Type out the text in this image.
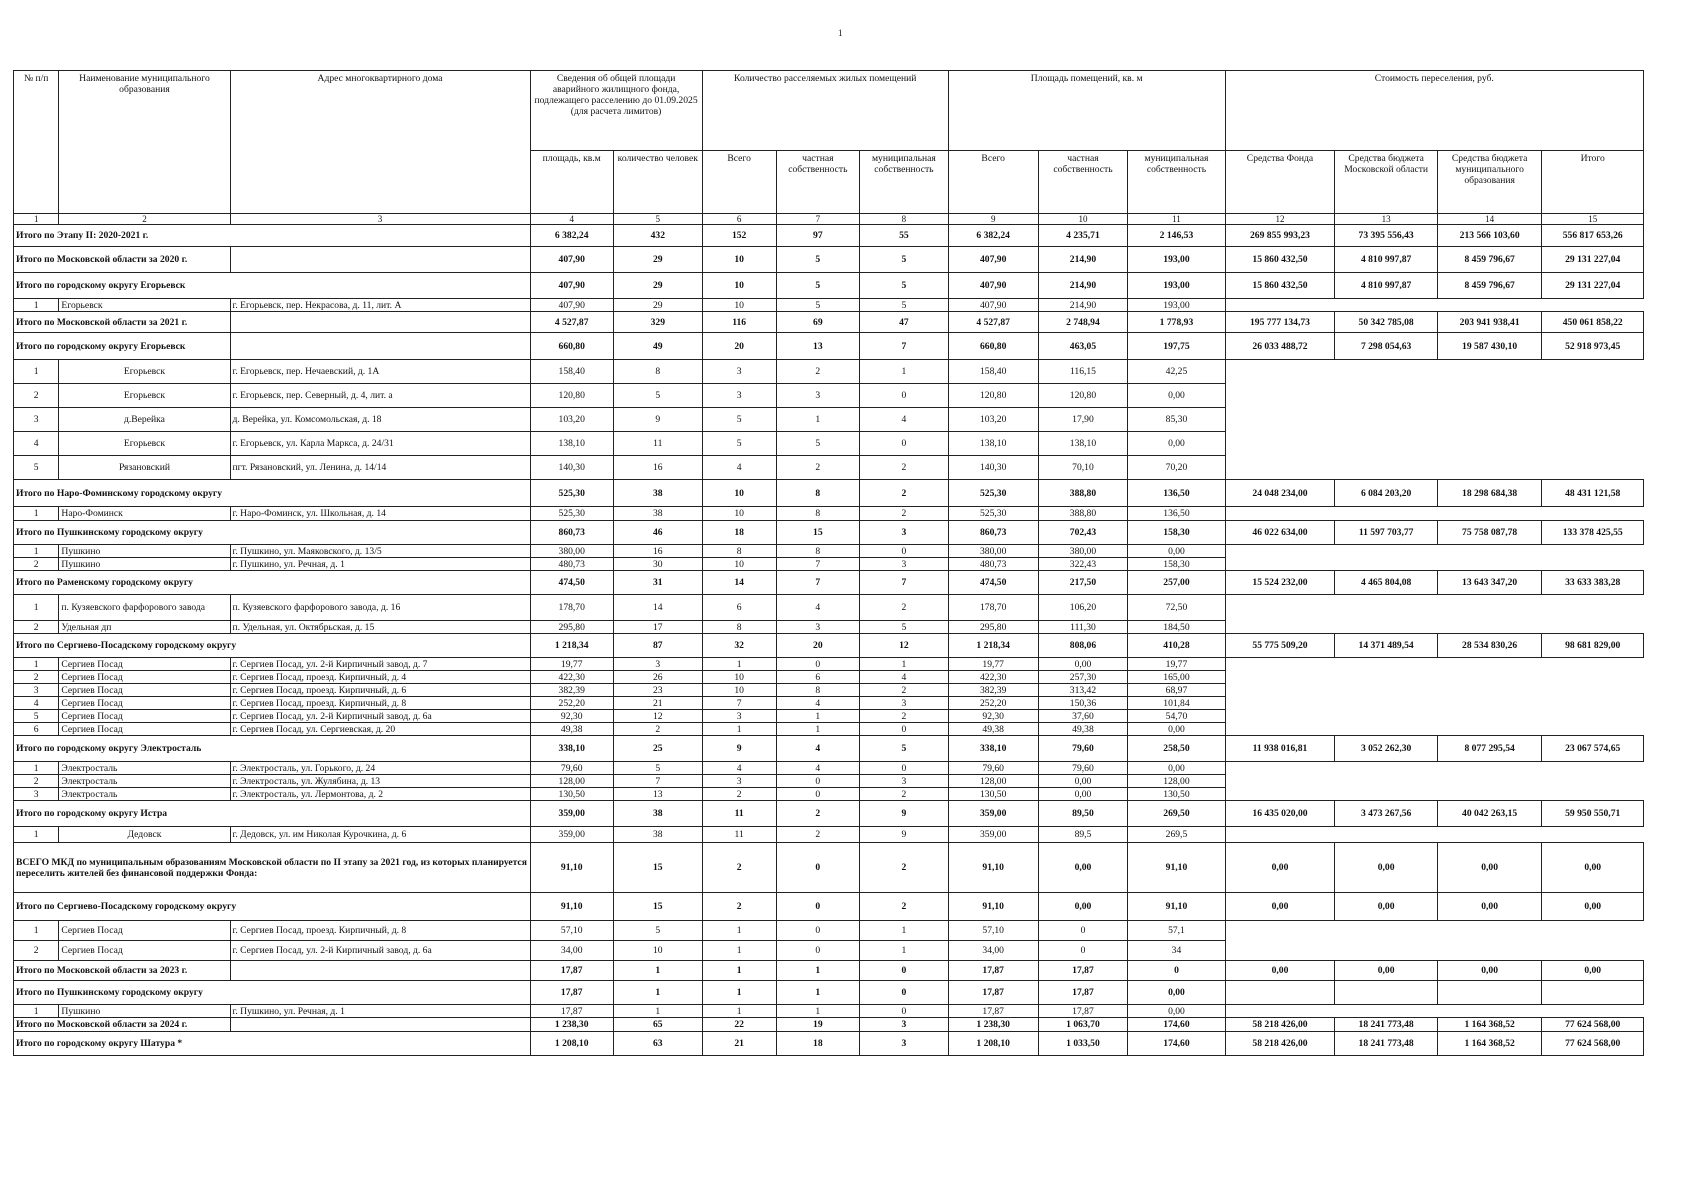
1
№ п/п	Наименование муниципального образования	Адрес многоквартирного дома	Сведения об общей площади аварийного жилищного фонда, подлежащего расселению до 01.09.2025 (для расчета лимитов)		Количество расселяемых жилых помещений			Площадь помещений, кв. м			Стоимость переселения, руб.			
			площадь, кв.м	количество человек	Всего	частная собственность	муниципальная собственность	Всего	частная собственность	муниципальная собственность	Средства Фонда	Средства бюджета Московской области	Средства бюджета муниципального образования	Итого
1	2	3	4	5	6	7	8	9	10	11	12	13	14	15
Итого по Этапу II: 2020-2021 г.			6 382,24	432	152	97	55	6 382,24	4 235,71	2 146,53	269 855 993,23	73 395 556,43	213 566 103,60	556 817 653,26
Итого по Московской области за 2020 г.			407,90	29	10	5	5	407,90	214,90	193,00	15 860 432,50	4 810 997,87	8 459 796,67	29 131 227,04
Итого по городскому округу Егорьевск			407,90	29	10	5	5	407,90	214,90	193,00	15 860 432,50	4 810 997,87	8 459 796,67	29 131 227,04
1	Егорьевск	г. Егорьевск, пер. Некрасова, д. 11, лит. А	407,90	29	10	5	5	407,90	214,90	193,00				
Итого по Московской области за 2021 г.			4 527,87	329	116	69	47	4 527,87	2 748,94	1 778,93	195 777 134,73	50 342 785,08	203 941 938,41	450 061 858,22
Итого по городскому округу Егорьевск			660,80	49	20	13	7	660,80	463,05	197,75	26 033 488,72	7 298 054,63	19 587 430,10	52 918 973,45
1	Егорьевск	г. Егорьевск, пер. Нечаевский, д. 1А	158,40	8	3	2	1	158,40	116,15	42,25				
2	Егорьевск	г. Егорьевск, пер. Северный, д. 4, лит. а	120,80	5	3	3	0	120,80	120,80	0,00				
3	д.Верейка	д. Верейка, ул. Комсомольская, д. 18	103,20	9	5	1	4	103,20	17,90	85,30				
4	Егорьевск	г. Егорьевск, ул. Карла Маркса, д. 24/31	138,10	11	5	5	0	138,10	138,10	0,00				
5	Рязановский	пгт. Рязановский, ул. Ленина, д. 14/14	140,30	16	4	2	2	140,30	70,10	70,20				
Итого по Наро-Фоминскому городскому округу			525,30	38	10	8	2	525,30	388,80	136,50	24 048 234,00	6 084 203,20	18 298 684,38	48 431 121,58
1	Наро-Фоминск	г. Наро-Фоминск, ул. Школьная, д. 14	525,30	38	10	8	2	525,30	388,80	136,50				
Итого по Пушкинскому городскому округу			860,73	46	18	15	3	860,73	702,43	158,30	46 022 634,00	11 597 703,77	75 758 087,78	133 378 425,55
1	Пушкино	г. Пушкино, ул. Маяковского, д. 13/5	380,00	16	8	8	0	380,00	380,00	0,00				
2	Пушкино	г. Пушкино, ул. Речная, д. 1	480,73	30	10	7	3	480,73	322,43	158,30				
Итого по Раменскому городскому округу			474,50	31	14	7	7	474,50	217,50	257,00	15 524 232,00	4 465 804,08	13 643 347,20	33 633 383,28
1	п. Кузяевского фарфорового завода	п. Кузяевского фарфорового завода, д. 16	178,70	14	6	4	2	178,70	106,20	72,50				
2	Удельная дп	п. Удельная, ул. Октябрьская, д. 15	295,80	17	8	3	5	295,80	111,30	184,50				
Итого по Сергиево-Посадскому городскому округу			1 218,34	87	32	20	12	1 218,34	808,06	410,28	55 775 509,20	14 371 489,54	28 534 830,26	98 681 829,00
1	Сергиев Посад	г. Сергиев Посад, ул. 2-й Кирпичный завод, д. 7	19,77	3	1	0	1	19,77	0,00	19,77				
2	Сергиев Посад	г. Сергиев Посад, проезд. Кирпичный, д. 4	422,30	26	10	6	4	422,30	257,30	165,00				
3	Сергиев Посад	г. Сергиев Посад, проезд. Кирпичный, д. 6	382,39	23	10	8	2	382,39	313,42	68,97				
4	Сергиев Посад	г. Сергиев Посад, проезд. Кирпичный, д. 8	252,20	21	7	4	3	252,20	150,36	101,84				
5	Сергиев Посад	г. Сергиев Посад, ул. 2-й Кирпичный завод, д. 6а	92,30	12	3	1	2	92,30	37,60	54,70				
6	Сергиев Посад	г. Сергиев Посад, ул. Сергиевская, д. 20	49,38	2	1	1	0	49,38	49,38	0,00				
Итого по городскому округу Электросталь			338,10	25	9	4	5	338,10	79,60	258,50	11 938 016,81	3 052 262,30	8 077 295,54	23 067 574,65
1	Электросталь	г. Электросталь, ул. Горького, д. 24	79,60	5	4	4	0	79,60	79,60	0,00				
2	Электросталь	г. Электросталь, ул. Жулябина, д. 13	128,00	7	3	0	3	128,00	0,00	128,00				
3	Электросталь	г. Электросталь, ул. Лермонтова, д. 2	130,50	13	2	0	2	130,50	0,00	130,50				
Итого по городскому округу Истра			359,00	38	11	2	9	359,00	89,50	269,50	16 435 020,00	3 473 267,56	40 042 263,15	59 950 550,71
1	Дедовск	г. Дедовск, ул. им Николая Курочкина, д. 6	359,00	38	11	2	9	359,00	89,5	269,5				
ВСЕГО МКД по муниципальным образованиям Московской области по II этапу за 2021 год, из которых планируется переселить жителей без финансовой поддержки Фонда:			91,10	15	2	0	2	91,10	0,00	91,10	0,00	0,00	0,00	0,00
Итого по Сергиево-Посадскому городскому округу			91,10	15	2	0	2	91,10	0,00	91,10	0,00	0,00	0,00	0,00
1	Сергиев Посад	г. Сергиев Посад, проезд. Кирпичный, д. 8	57,10	5	1	0	1	57,10	0	57,1				
2	Сергиев Посад	г. Сергиев Посад, ул. 2-й Кирпичный завод, д. 6а	34,00	10	1	0	1	34,00	0	34				
Итого по Московской области за 2023 г.			17,87	1	1	1	0	17,87	17,87	0	0,00	0,00	0,00	0,00
Итого по Пушкинскому городскому округу			17,87	1	1	1	0	17,87	17,87	0,00				
1	Пушкино	г. Пушкино, ул. Речная, д. 1	17,87	1	1	1	0	17,87	17,87	0,00				
Итого по Московской области за 2024 г.			1 238,30	65	22	19	3	1 238,30	1 063,70	174,60	58 218 426,00	18 241 773,48	1 164 368,52	77 624 568,00
Итого по городскому округу Шатура *			1 208,10	63	21	18	3	1 208,10	1 033,50	174,60	58 218 426,00	18 241 773,48	1 164 368,52	77 624 568,00
